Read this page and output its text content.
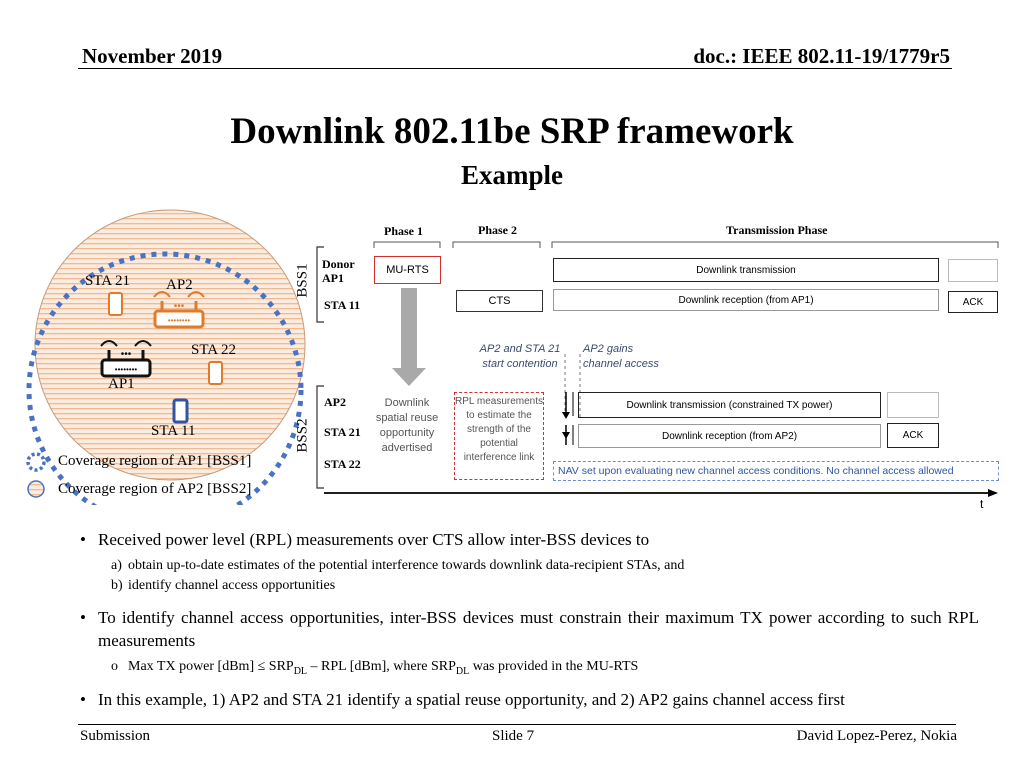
November 2019	doc.: IEEE 802.11-19/1779r5
Downlink 802.11be SRP framework
Example
•••
••••••••
•••
••••••••
STA 21 AP2
STA 22
AP1
STA 11
Coverage region of AP1 [BSS1]
Coverage region of AP2 [BSS2]
Phase 1	Phase 2	Transmission Phase
BSS1
BSS2
Donor AP1
STA 11
AP2
STA 21
STA 22
MU-RTS
CTS
Downlink transmission
Downlink reception (from AP1)	ACK
Downlink spatial reuse opportunity advertised
RPL measurements to estimate the strength of the potential interference link
AP2 and STA 21 start contention
AP2 gains channel access
Downlink transmission (constrained TX power)
Downlink reception (from AP2)	ACK
NAV set upon evaluating new channel access conditions. No channel access allowed
t
• Received power level (RPL) measurements over CTS allow inter-BSS devices to
a) obtain up-to-date estimates of the potential interference towards downlink data-recipient STAs, and
b) identify channel access opportunities
• To identify channel access opportunities, inter-BSS devices must constrain their maximum TX power according to such RPL measurements
o Max TX power $[dBm] \le SRP_{DL}$ – RPL [dBm], where $SRP_{DL}$ was provided in the MU-RTS
• In this example, 1) AP2 and STA 21 identify a spatial reuse opportunity, and 2) AP2 gains channel access first
Submission	Slide 7	David Lopez-Perez, Nokia
